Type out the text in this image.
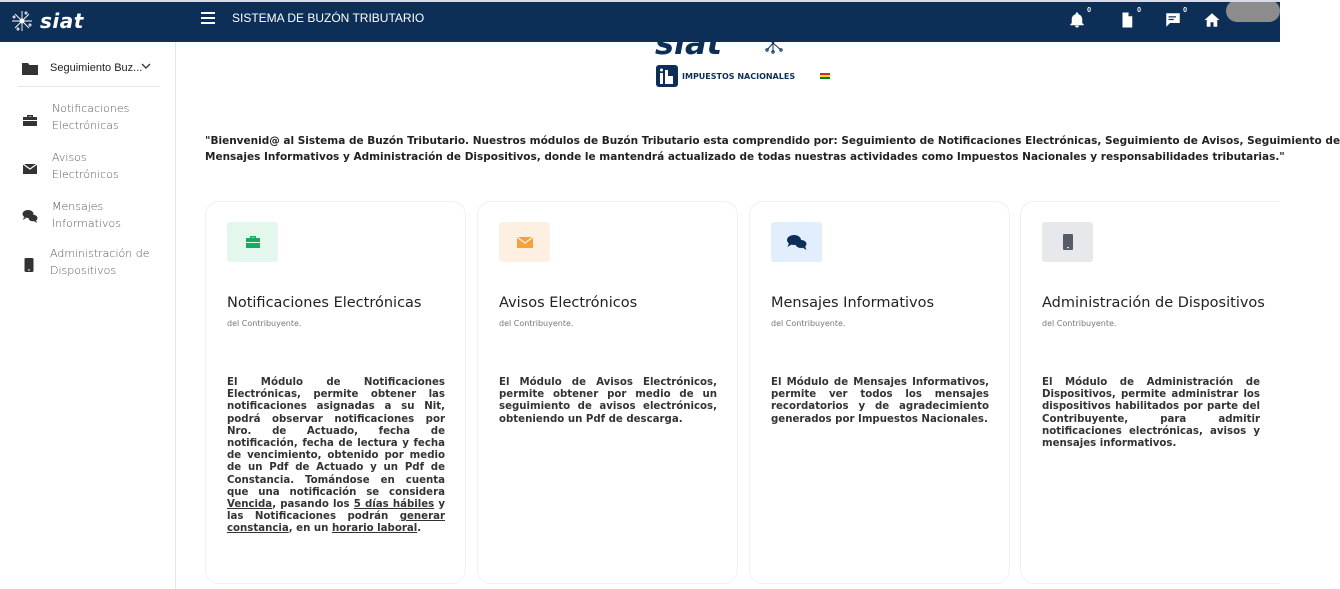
siat	SISTEMA DE BUZÓN TRIBUTARIO
0	0	0
Seguimiento Buz...
Notificaciones
Electrónicas
Avisos
Electrónicos
Mensajes
Informativos
Administración de
Dispositivos
siat
IMPUESTOS NACIONALES
"Bienvenid@ al Sistema de Buzón Tributario. Nuestros módulos de Buzón Tributario esta comprendido por: Seguimiento de Notificaciones Electrónicas, Seguimiento de Avisos, Seguimiento de
Mensajes Informativos y Administración de Dispositivos, donde le mantendrá actualizado de todas nuestras actividades como Impuestos Nacionales y responsabilidades tributarias."
Notificaciones Electrónicas
del Contribuyente.
El Módulo de Notificaciones Electrónicas, permite obtener las notificaciones asignadas a su Nit, podrá observar notificaciones por Nro. de Actuado, fecha de notificación, fecha de lectura y fecha de vencimiento, obtenido por medio de un Pdf de Actuado y un Pdf de Constancia. Tomándose en cuenta que una notificación se considera Vencida, pasando los 5 días hábiles y las Notificaciones podrán generar constancia, en un horario laboral.
Avisos Electrónicos
del Contribuyente.
El Módulo de Avisos Electrónicos, permite obtener por medio de un seguimiento de avisos electrónicos, obteniendo un Pdf de descarga.
Mensajes Informativos
del Contribuyente.
El Módulo de Mensajes Informativos, permite ver todos los mensajes recordatorios y de agradecimiento generados por Impuestos Nacionales.
Administración de Dispositivos
del Contribuyente.
El Módulo de Administración de Dispositivos, permite administrar los dispositivos habilitados por parte del Contribuyente, para admitir notificaciones electrónicas, avisos y mensajes informativos.
